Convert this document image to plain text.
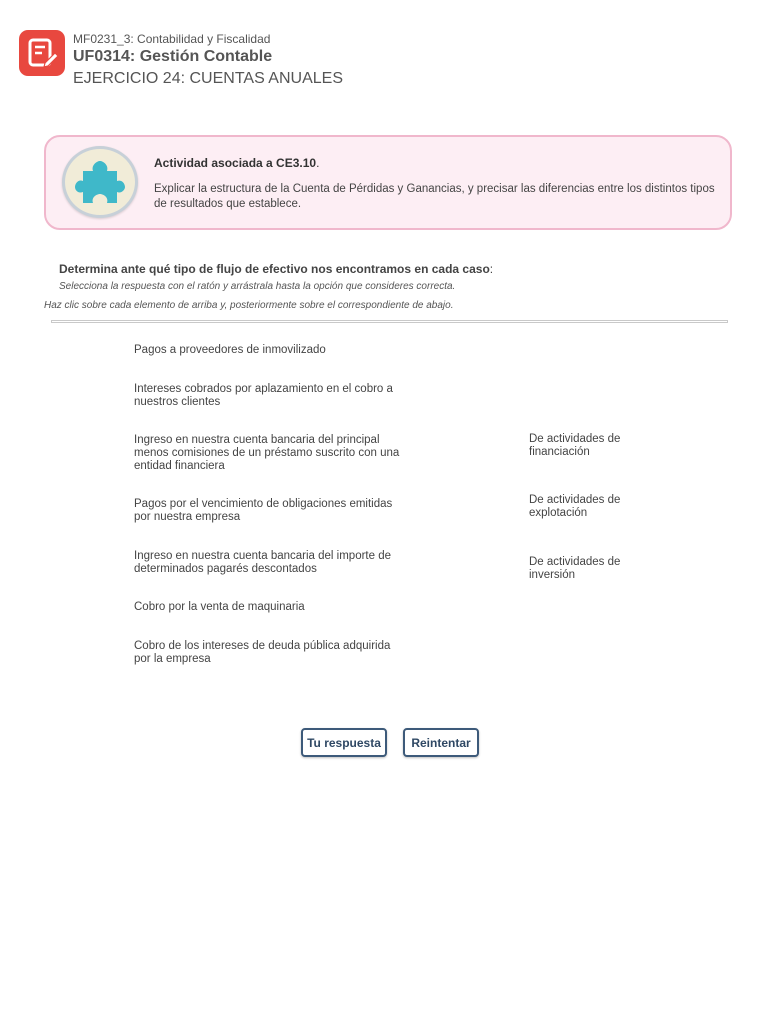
MF0231_3: Contabilidad y Fiscalidad
UF0314: Gestión Contable
EJERCICIO 24: CUENTAS ANUALES
Actividad asociada a CE3.10.
Explicar la estructura de la Cuenta de Pérdidas y Ganancias, y precisar las diferencias entre los distintos tipos de resultados que establece.
Determina ante qué tipo de flujo de efectivo nos encontramos en cada caso:
Selecciona la respuesta con el ratón y arrástrala hasta la opción que consideres correcta.
Haz clic sobre cada elemento de arriba y, posteriormente sobre el correspondiente de abajo.
Pagos a proveedores de inmovilizado
Intereses cobrados por aplazamiento en el cobro a nuestros clientes
Ingreso en nuestra cuenta bancaria del principal menos comisiones de un préstamo suscrito con una entidad financiera
Pagos por el vencimiento de obligaciones emitidas por nuestra empresa
Ingreso en nuestra cuenta bancaria del importe de determinados pagarés descontados
Cobro por la venta de maquinaria
Cobro de los intereses de deuda pública adquirida por la empresa
De actividades de financiación
De actividades de explotación
De actividades de inversión
Tu respuesta	Reintentar
